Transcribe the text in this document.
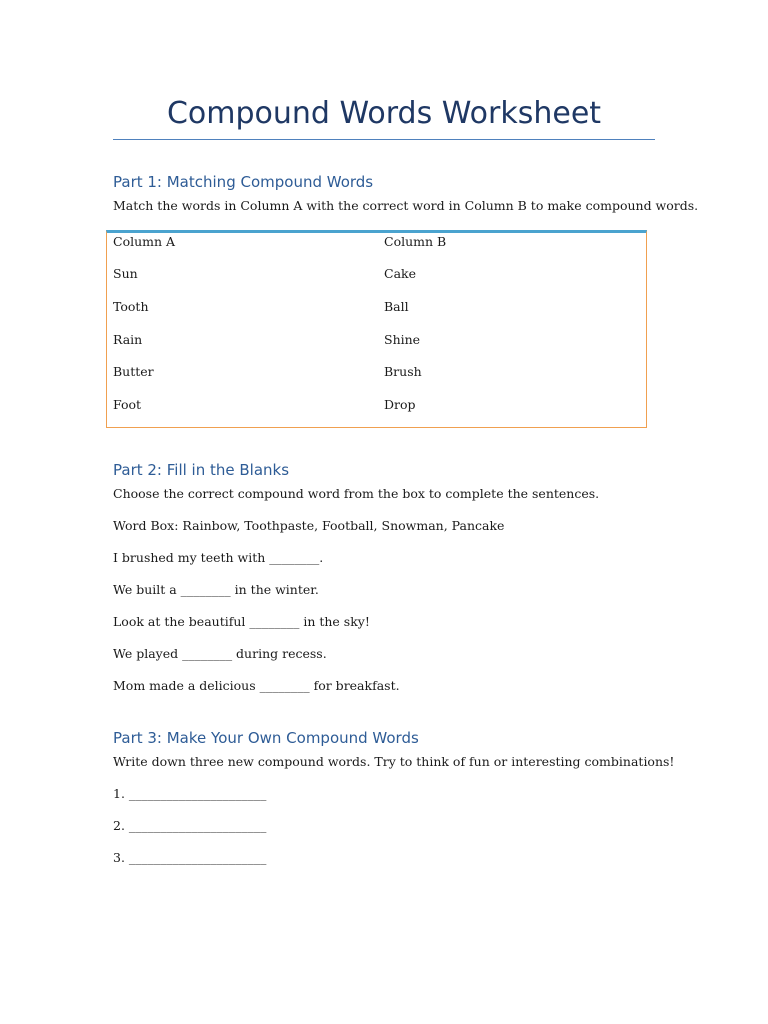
Compound Words Worksheet
Part 1: Matching Compound Words
Match the words in Column A with the correct word in Column B to make compound words.
Column A	Column B
Sun	Cake
Tooth	Ball
Rain	Shine
Butter	Brush
Foot	Drop
Part 2: Fill in the Blanks
Choose the correct compound word from the box to complete the sentences.
Word Box: Rainbow, Toothpaste, Football, Snowman, Pancake
I brushed my teeth with ________.
We built a ________ in the winter.
Look at the beautiful ________ in the sky!
We played ________ during recess.
Mom made a delicious ________ for breakfast.
Part 3: Make Your Own Compound Words
Write down three new compound words. Try to think of fun or interesting combinations!
1. ______________________
2. ______________________
3. ______________________
